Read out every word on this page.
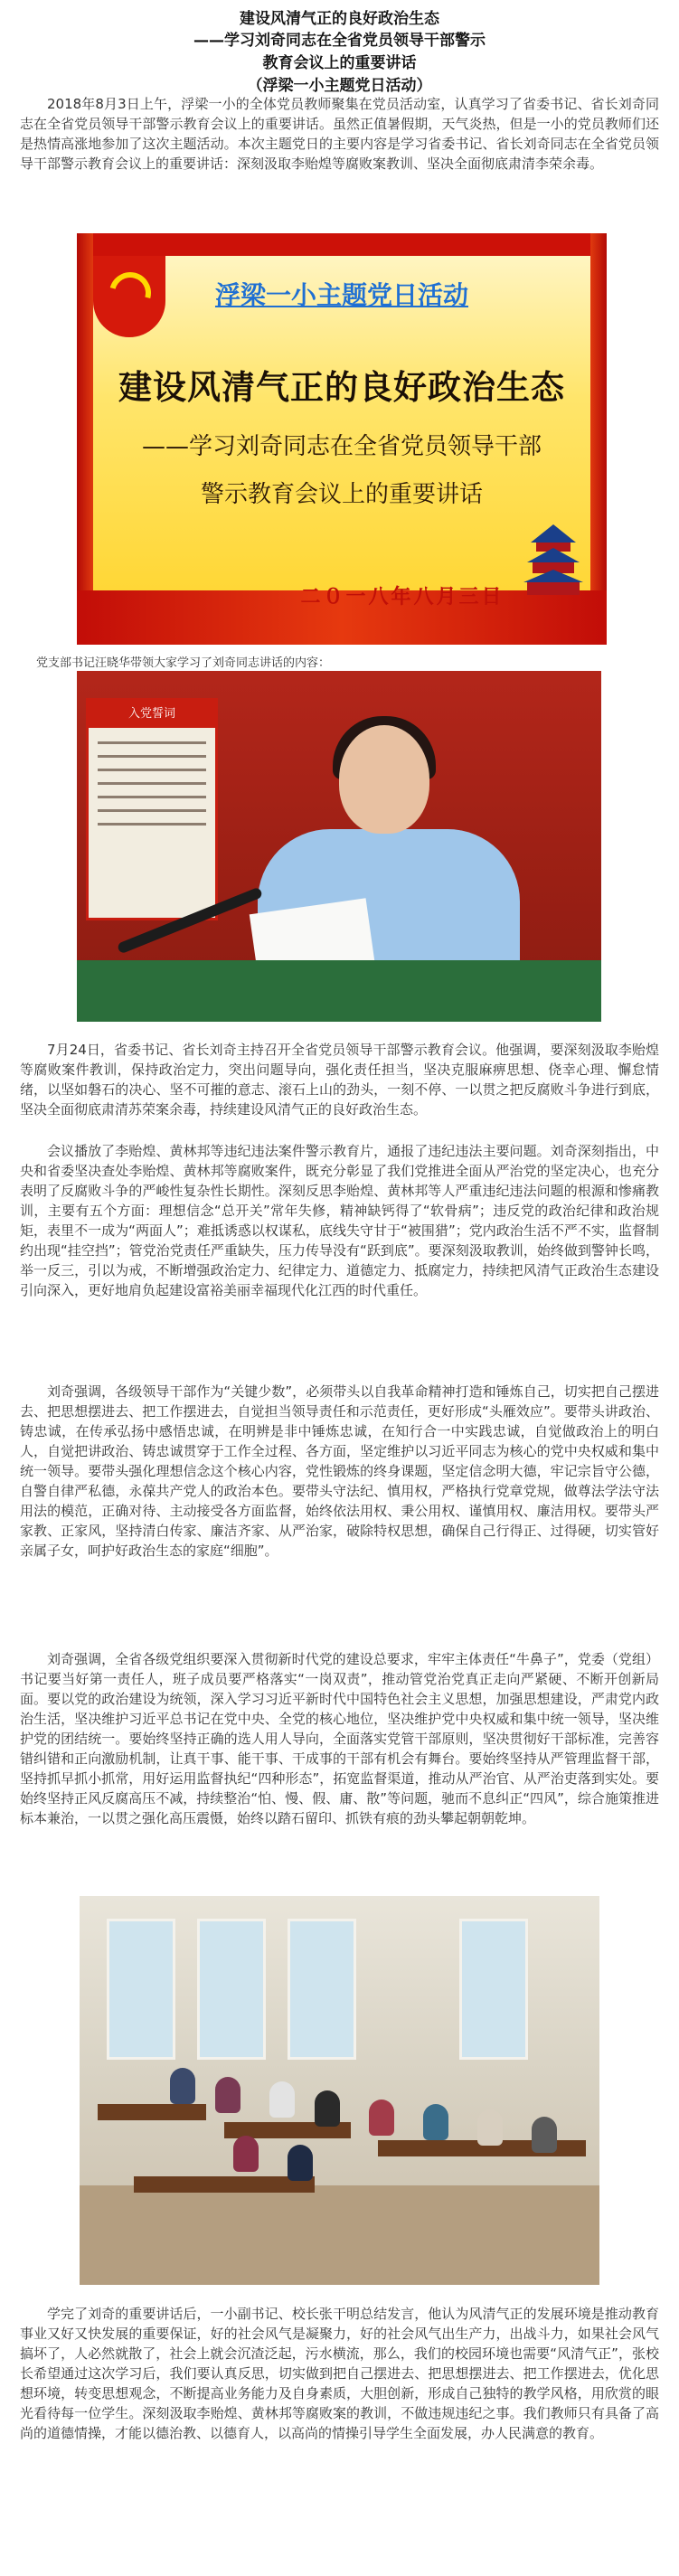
建设风清气正的良好政治生态
——学习刘奇同志在全省党员领导干部警示
教育会议上的重要讲话
（浮梁一小主题党日活动）

2018年8月3日上午，浮梁一小的全体党员教师聚集在党员活动室，认真学习了省委书记、省长刘奇同志在全省党员领导干部警示教育会议上的重要讲话。虽然正值暑假期，天气炎热，但是一小的党员教师们还是热情高涨地参加了这次主题活动。本次主题党日的主要内容是学习省委书记、省长刘奇同志在全省党员领导干部警示教育会议上的重要讲话：深刻汲取李贻煌等腐败案教训、坚决全面彻底肃清李荣余毒。

浮梁一小主题党日活动
建设风清气正的良好政治生态
——学习刘奇同志在全省党员领导干部
警示教育会议上的重要讲话
二０一八年八月三日

党支部书记汪晓华带领大家学习了刘奇同志讲话的内容：

入党誓词

7月24日，省委书记、省长刘奇主持召开全省党员领导干部警示教育会议。他强调，要深刻汲取李贻煌等腐败案件教训，保持政治定力，突出问题导向，强化责任担当，坚决克服麻痹思想、侥幸心理、懈怠情绪，以坚如磐石的决心、坚不可摧的意志、滚石上山的劲头，一刻不停、一以贯之把反腐败斗争进行到底，坚决全面彻底肃清苏荣案余毒，持续建设风清气正的良好政治生态。

会议播放了李贻煌、黄林邦等违纪违法案件警示教育片，通报了违纪违法主要问题。刘奇深刻指出，中央和省委坚决查处李贻煌、黄林邦等腐败案件，既充分彰显了我们党推进全面从严治党的坚定决心，也充分表明了反腐败斗争的严峻性复杂性长期性。深刻反思李贻煌、黄林邦等人严重违纪违法问题的根源和惨痛教训，主要有五个方面：理想信念“总开关”常年失修，精神缺钙得了“软骨病”；违反党的政治纪律和政治规矩，表里不一成为“两面人”；难抵诱惑以权谋私，底线失守甘于“被围猎”；党内政治生活不严不实，监督制约出现“挂空挡”；管党治党责任严重缺失，压力传导没有“跃到底”。要深刻汲取教训，始终做到警钟长鸣，举一反三，引以为戒，不断增强政治定力、纪律定力、道德定力、抵腐定力，持续把风清气正政治生态建设引向深入，更好地肩负起建设富裕美丽幸福现代化江西的时代重任。

刘奇强调，各级领导干部作为“关键少数”，必须带头以自我革命精神打造和锤炼自己，切实把自己摆进去、把思想摆进去、把工作摆进去，自觉担当领导责任和示范责任，更好形成“头雁效应”。要带头讲政治、铸忠诚，在传承弘扬中感悟忠诚，在明辨是非中锤炼忠诚，在知行合一中实践忠诚，自觉做政治上的明白人，自觉把讲政治、铸忠诚贯穿于工作全过程、各方面，坚定维护以习近平同志为核心的党中央权威和集中统一领导。要带头强化理想信念这个核心内容，党性锻炼的终身课题，坚定信念明大德，牢记宗旨守公德，自警自律严私德，永葆共产党人的政治本色。要带头守法纪、慎用权，严格执行党章党规，做尊法学法守法用法的模范，正确对待、主动接受各方面监督，始终依法用权、秉公用权、谨慎用权、廉洁用权。要带头严家教、正家风，坚持清白传家、廉洁齐家、从严治家，破除特权思想，确保自己行得正、过得硬，切实管好亲属子女，呵护好政治生态的家庭“细胞”。

刘奇强调，全省各级党组织要深入贯彻新时代党的建设总要求，牢牢主体责任“牛鼻子”，党委（党组）书记要当好第一责任人，班子成员要严格落实“一岗双责”，推动管党治党真正走向严紧硬、不断开创新局面。要以党的政治建设为统领，深入学习习近平新时代中国特色社会主义思想，加强思想建设，严肃党内政治生活，坚决维护习近平总书记在党中央、全党的核心地位，坚决维护党中央权威和集中统一领导，坚决维护党的团结统一。要始终坚持正确的选人用人导向，全面落实党管干部原则，坚决贯彻好干部标准，完善容错纠错和正向激励机制，让真干事、能干事、干成事的干部有机会有舞台。要始终坚持从严管理监督干部，坚持抓早抓小抓常，用好运用监督执纪“四种形态”，拓宽监督渠道，推动从严治官、从严治吏落到实处。要始终坚持正风反腐高压不减，持续整治“怕、慢、假、庸、散”等问题，驰而不息纠正“四风”，综合施策推进标本兼治，一以贯之强化高压震慑，始终以踏石留印、抓铁有痕的劲头攀起朝朝乾坤。

学完了刘奇的重要讲话后，一小副书记、校长张干明总结发言，他认为风清气正的发展环境是推动教育事业又好又快发展的重要保证，好的社会风气是凝聚力，好的社会风气出生产力，出战斗力，如果社会风气搞坏了，人必然就散了，社会上就会沉渣泛起，污水横流，那么，我们的校园环境也需要“风清气正”，张校长希望通过这次学习后，我们要认真反思，切实做到把自己摆进去、把思想摆进去、把工作摆进去，优化思想环境，转变思想观念，不断提高业务能力及自身素质，大胆创新，形成自己独特的教学风格，用欣赏的眼光看待每一位学生。深刻汲取李贻煌、黄林邦等腐败案的教训，不做违规违纪之事。我们教师只有具备了高尚的道德情操，才能以德治教、以德育人，以高尚的情操引导学生全面发展，办人民满意的教育。
